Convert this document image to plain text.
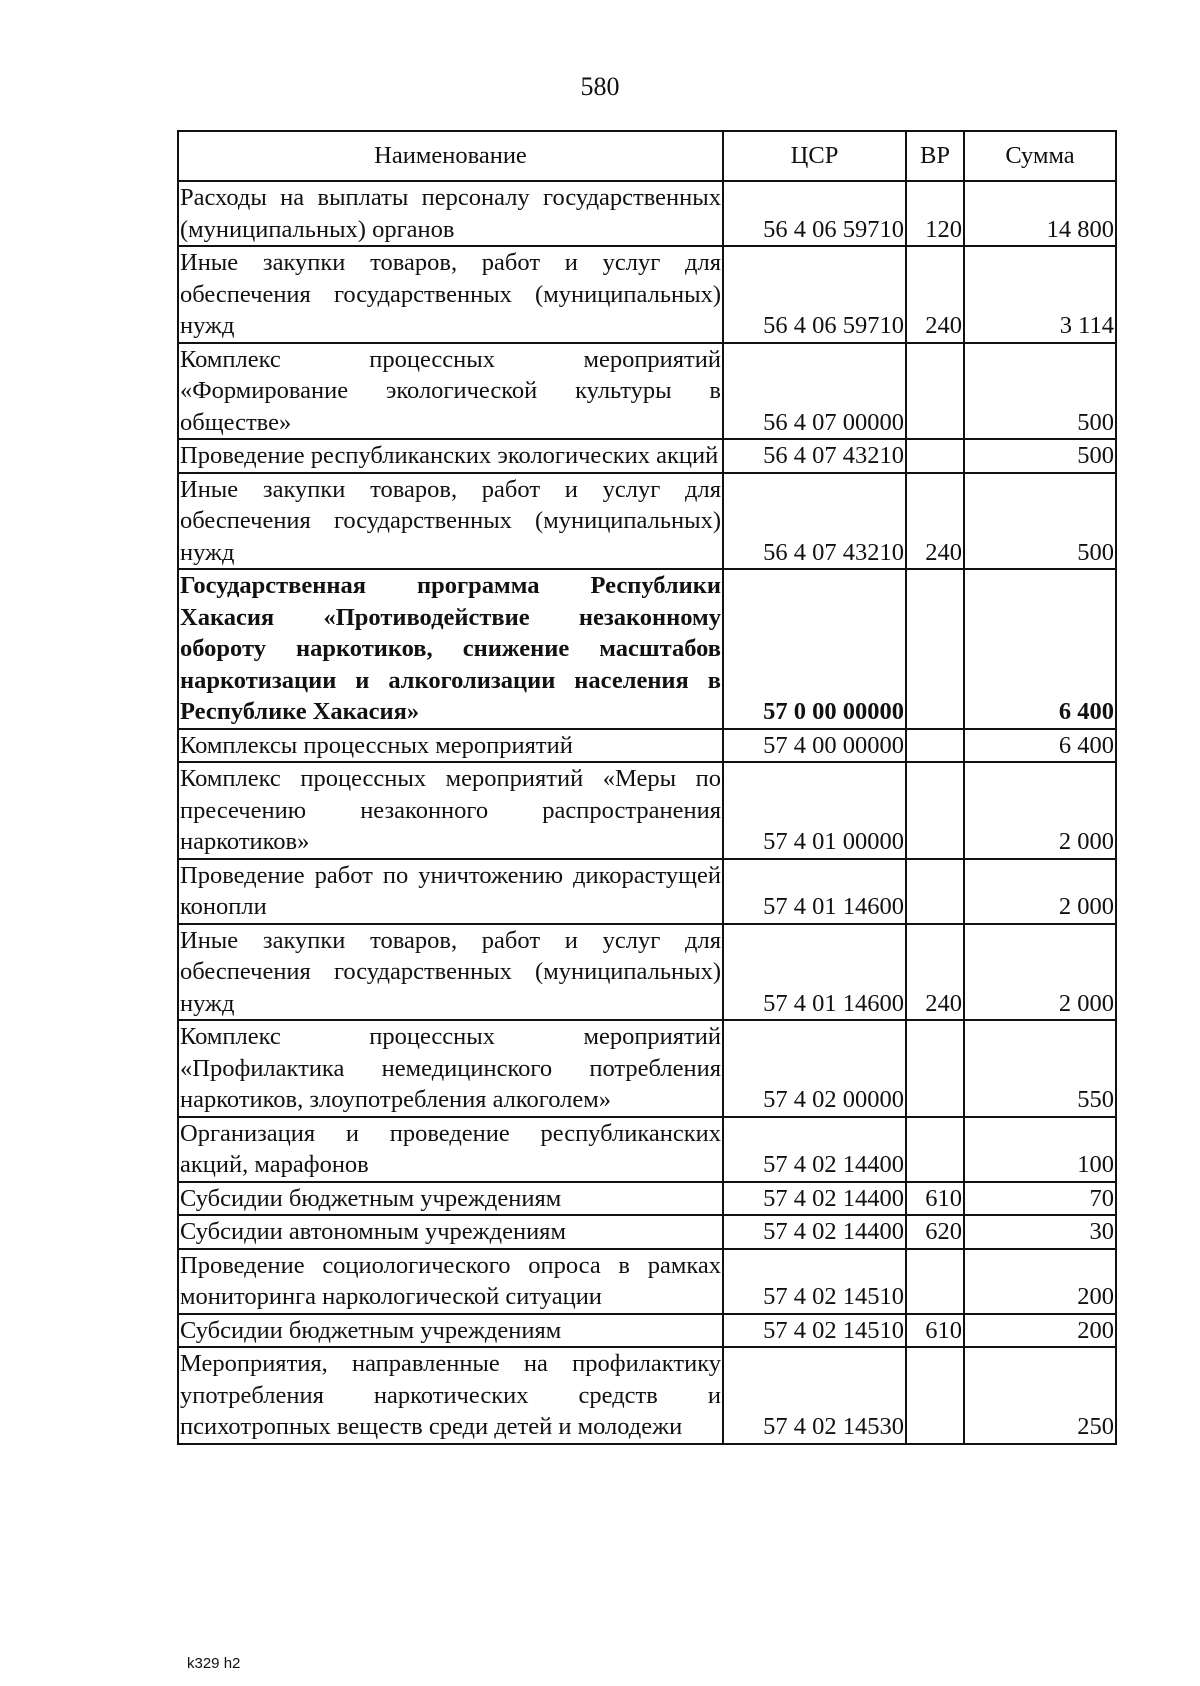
580
Наименование	ЦСР	ВР	Сумма
Расходы на выплаты персоналу государственных (муниципальных) органов	56 4 06 59710	120	14 800
Иные закупки товаров, работ и услуг для обеспечения государственных (муниципальных) нужд	56 4 06 59710	240	3 114
Комплекс процессных мероприятий «Формирование экологической культуры в обществе»	56 4 07 00000		500
Проведение республиканских экологических акций	56 4 07 43210		500
Иные закупки товаров, работ и услуг для обеспечения государственных (муниципальных) нужд	56 4 07 43210	240	500
Государственная программа Республики Хакасия «Противодействие незаконному обороту наркотиков, снижение масштабов наркотизации и алкоголизации населения в Республике Хакасия»	57 0 00 00000		6 400
Комплексы процессных мероприятий	57 4 00 00000		6 400
Комплекс процессных мероприятий «Меры по пресечению незаконного распространения наркотиков»	57 4 01 00000		2 000
Проведение работ по уничтожению дикорастущей конопли	57 4 01 14600		2 000
Иные закупки товаров, работ и услуг для обеспечения государственных (муниципальных) нужд	57 4 01 14600	240	2 000
Комплекс процессных мероприятий «Профилактика немедицинского потребления наркотиков, злоупотребления алкоголем»	57 4 02 00000		550
Организация и проведение республиканских акций, марафонов	57 4 02 14400		100
Субсидии бюджетным учреждениям	57 4 02 14400	610	70
Субсидии автономным учреждениям	57 4 02 14400	620	30
Проведение социологического опроса в рамках мониторинга наркологической ситуации	57 4 02 14510		200
Субсидии бюджетным учреждениям	57 4 02 14510	610	200
Мероприятия, направленные на профилактику употребления наркотических средств и психотропных веществ среди детей и молодежи	57 4 02 14530		250
k329 h2
